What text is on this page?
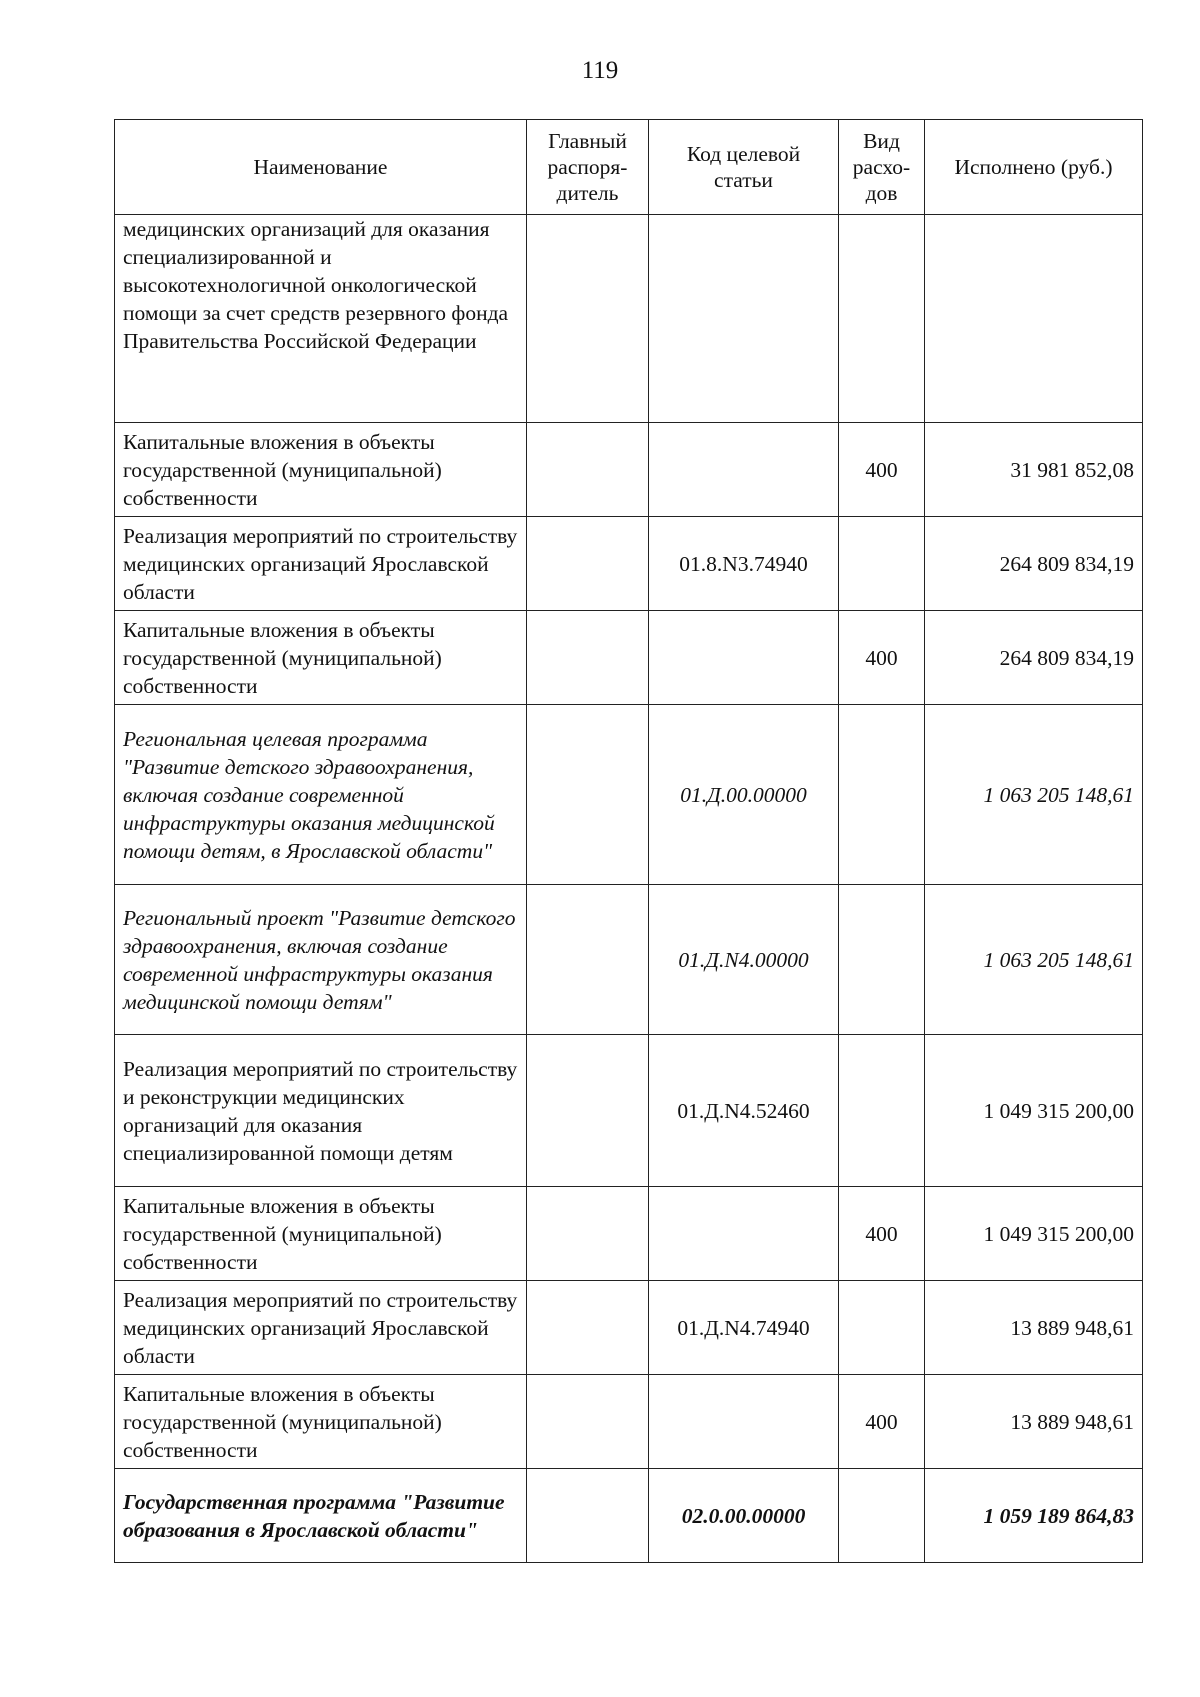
119
Наименование	Главный распоря-дитель	Код целевой статьи	Вид расхо-дов	Исполнено (руб.)
медицинских организаций для оказания специализированной и высокотехнологичной онкологической помощи за счет средств резервного фонда Правительства Российской Федерации				
Капитальные вложения в объекты государственной (муниципальной) собственности			400	31 981 852,08
Реализация мероприятий по строительству медицинских организаций Ярославской области		01.8.N3.74940		264 809 834,19
Капитальные вложения в объекты государственной (муниципальной) собственности			400	264 809 834,19
Региональная целевая программа "Развитие детского здравоохранения, включая создание современной инфраструктуры оказания медицинской помощи детям, в Ярославской области"		01.Д.00.00000		1 063 205 148,61
Региональный проект "Развитие детского здравоохранения, включая создание современной инфраструктуры оказания медицинской помощи детям"		01.Д.N4.00000		1 063 205 148,61
Реализация мероприятий по строительству и реконструкции медицинских организаций для оказания специализированной помощи детям		01.Д.N4.52460		1 049 315 200,00
Капитальные вложения в объекты государственной (муниципальной) собственности			400	1 049 315 200,00
Реализация мероприятий по строительству медицинских организаций Ярославской области		01.Д.N4.74940		13 889 948,61
Капитальные вложения в объекты государственной (муниципальной) собственности			400	13 889 948,61
Государственная программа "Развитие образования в Ярославской области"		02.0.00.00000		1 059 189 864,83
